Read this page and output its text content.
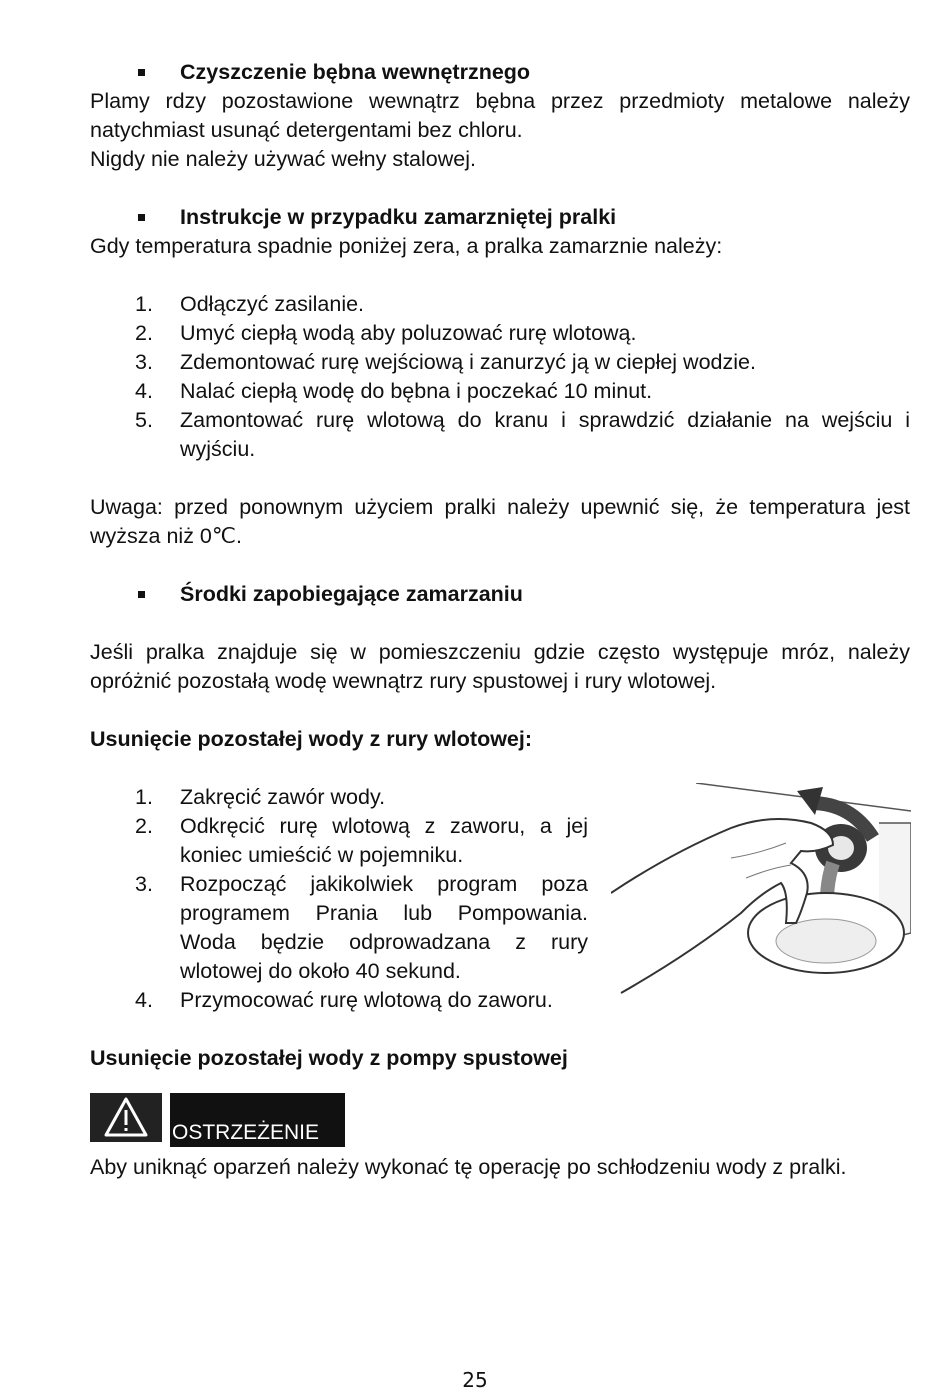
Czyszczenie bębna wewnętrznego

Plamy rdzy pozostawione wewnątrz bębna przez przedmioty metalowe należy natychmiast usunąć detergentami bez chloru.

Nigdy nie należy używać wełny stalowej.

Instrukcje w przypadku zamarzniętej pralki

Gdy temperatura spadnie poniżej zera, a pralka zamarznie należy:

1. Odłączyć zasilanie.
2. Umyć ciepłą wodą aby poluzować rurę wlotową.
3. Zdemontować rurę wejściową i zanurzyć ją w ciepłej wodzie.
4. Nalać ciepłą wodę do bębna i poczekać 10 minut.
5. Zamontować rurę wlotową do kranu i sprawdzić działanie na wejściu i wyjściu.

Uwaga: przed ponownym użyciem pralki należy upewnić się, że temperatura jest wyższa niż 0℃.

Środki zapobiegające zamarzaniu

Jeśli pralka znajduje się w pomieszczeniu gdzie często występuje mróz, należy opróżnić pozostałą wodę wewnątrz rury spustowej i rury wlotowej.

Usunięcie pozostałej wody z rury wlotowej:
1. Zakręcić zawór wody.
2. Odkręcić rurę wlotową z zaworu, a jej koniec umieścić w pojemniku.
3. Rozpocząć jakikolwiek program poza programem Prania lub Pompowania. Woda będzie odprowadzana z rury wlotowej do około 40 sekund.
4. Przymocować rurę wlotową do zaworu.
Usunięcie pozostałej wody z pompy spustowej
OSTRZEŻENIE

Aby uniknąć oparzeń należy wykonać tę operację po schłodzeniu wody z pralki.

25
